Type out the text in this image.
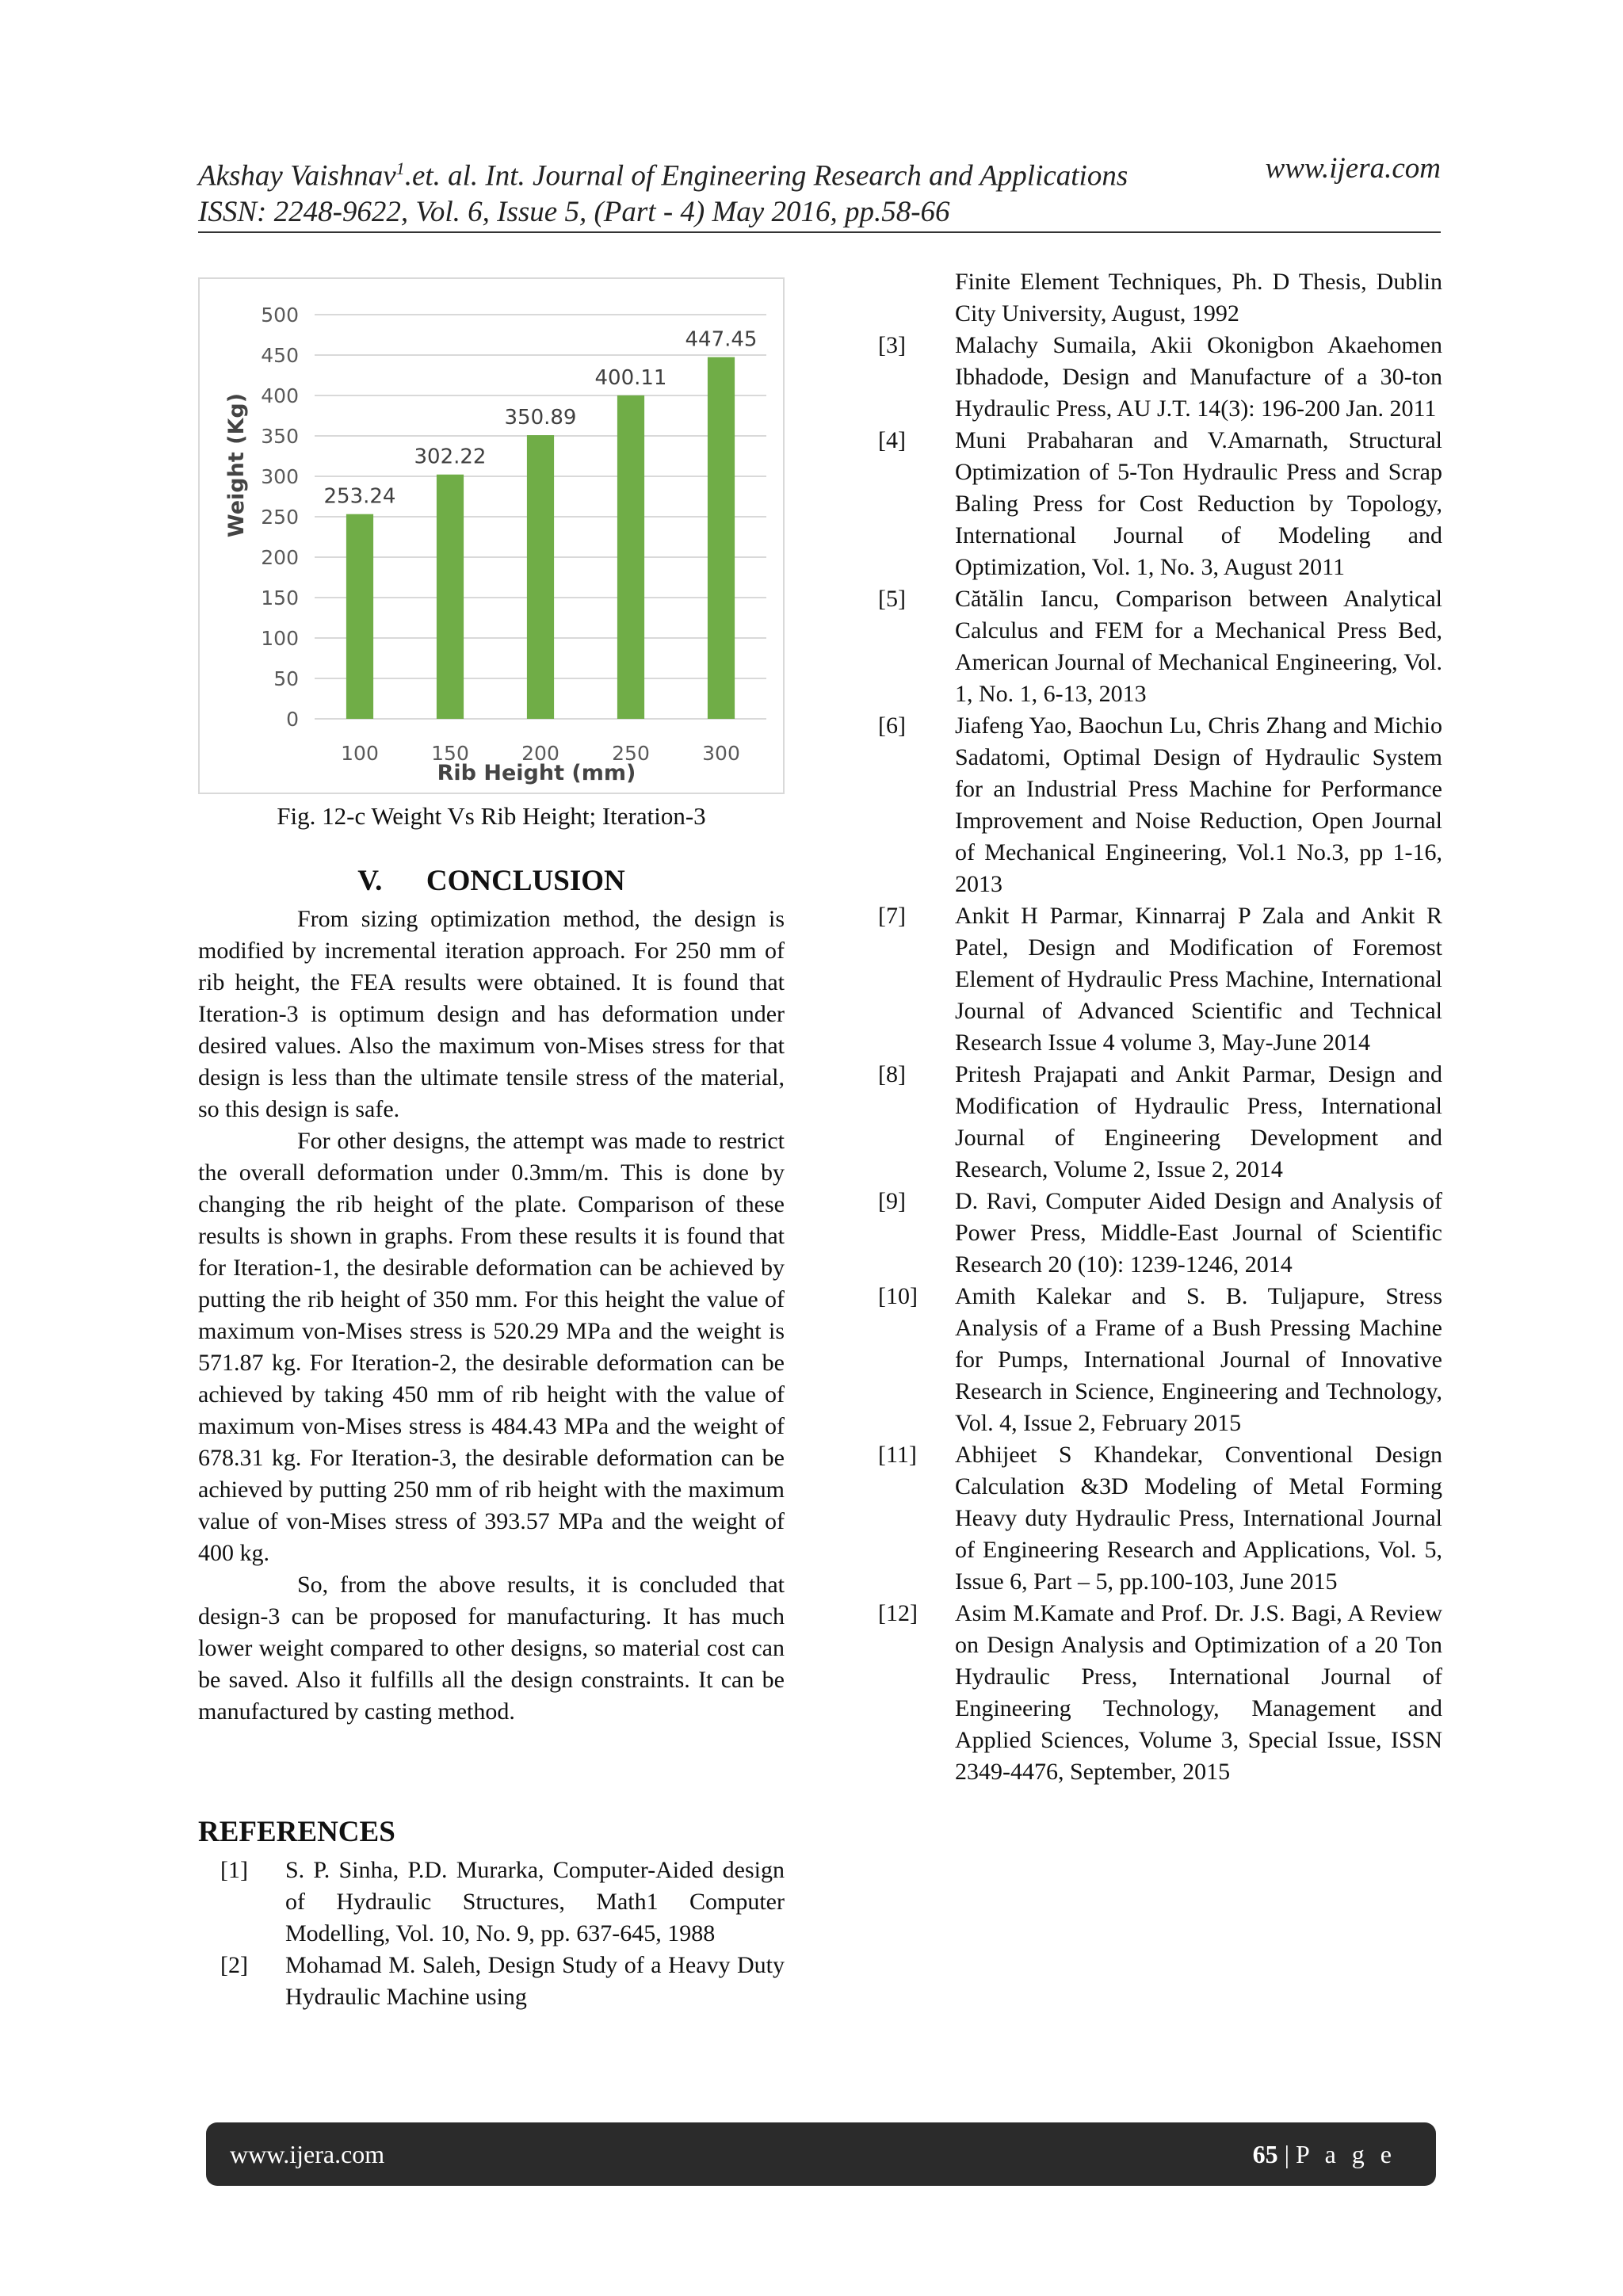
Akshay Vaishnav$^1$.et. al. Int. Journal of Engineering Research and Applications	www.ijera.com
ISSN: 2248-9622, Vol. 6, Issue 5, (Part - 4) May 2016, pp.58-66
0
50
100
150
200
250
300
350
400
450
500
253.24
302.22
350.89
400.11
447.45
100	150	200	250	300
Weight (Kg)
Rib Height (mm)
Fig. 12-c Weight Vs Rib Height; Iteration-3
V.      CONCLUSION

From sizing optimization method, the design is modified by incremental iteration approach. For 250 mm of rib height, the FEA results were obtained. It is found that Iteration-3 is optimum design and has deformation under desired values. Also the maximum von-Mises stress for that design is less than the ultimate tensile stress of the material, so this design is safe.

For other designs, the attempt was made to restrict the overall deformation under 0.3mm/m. This is done by changing the rib height of the plate. Comparison of these results is shown in graphs. From these results it is found that for Iteration-1, the desirable deformation can be achieved by putting the rib height of 350 mm. For this height the value of maximum von-Mises stress is 520.29 MPa and the weight is 571.87 kg. For Iteration-2, the desirable deformation can be achieved by taking 450 mm of rib height with the value of maximum von-Mises stress is 484.43 MPa and the weight of 678.31 kg. For Iteration-3, the desirable deformation can be achieved by putting 250 mm of rib height with the maximum value of von-Mises stress of 393.57 MPa and the weight of 400 kg.

So, from the above results, it is concluded that design-3 can be proposed for manufacturing. It has much lower weight compared to other designs, so material cost can be saved. Also it fulfills all the design constraints. It can be manufactured by casting method.

REFERENCES
[1]	S. P. Sinha, P.D. Murarka, Computer-Aided design of Hydraulic Structures, Math1 Computer Modelling, Vol. 10, No. 9, pp. 637-645, 1988
[2]	Mohamad M. Saleh, Design Study of a Heavy Duty Hydraulic Machine using
Finite Element Techniques, Ph. D Thesis, Dublin City University, August, 1992
[3]	Malachy Sumaila, Akii Okonigbon Akaehomen Ibhadode, Design and Manufacture of a 30-ton Hydraulic Press, AU J.T. 14(3): 196-200 Jan. 2011
[4]	Muni Prabaharan and V.Amarnath, Structural Optimization of 5-Ton Hydraulic Press and Scrap Baling Press for Cost Reduction by Topology, International Journal of Modeling and Optimization, Vol. 1, No. 3, August 2011
[5]	Cătălin Iancu, Comparison between Analytical Calculus and FEM for a Mechanical Press Bed, American Journal of Mechanical Engineering, Vol. 1, No. 1, 6-13, 2013
[6]	Jiafeng Yao, Baochun Lu, Chris Zhang and Michio Sadatomi, Optimal Design of Hydraulic System for an Industrial Press Machine for Performance Improvement and Noise Reduction, Open Journal of Mechanical Engineering, Vol.1 No.3, pp 1-16, 2013
[7]	Ankit H Parmar, Kinnarraj P Zala and Ankit R Patel, Design and Modification of Foremost Element of Hydraulic Press Machine, International Journal of Advanced Scientific and Technical Research Issue 4 volume 3, May-June 2014
[8]	Pritesh Prajapati and Ankit Parmar, Design and Modification of Hydraulic Press, International Journal of Engineering Development and Research, Volume 2, Issue 2, 2014
[9]	D. Ravi, Computer Aided Design and Analysis of Power Press, Middle-East Journal of Scientific Research 20 (10): 1239-1246, 2014
[10]	Amith Kalekar and S. B. Tuljapure, Stress Analysis of a Frame of a Bush Pressing Machine for Pumps, International Journal of Innovative Research in Science, Engineering and Technology, Vol. 4, Issue 2, February 2015
[11]	Abhijeet S Khandekar, Conventional Design Calculation &3D Modeling of Metal Forming Heavy duty Hydraulic Press, International Journal of Engineering Research and Applications, Vol. 5, Issue 6, Part – 5, pp.100-103, June 2015
[12]	Asim M.Kamate and Prof. Dr. J.S. Bagi, A Review on Design Analysis and Optimization of a 20 Ton Hydraulic Press, International Journal of Engineering Technology, Management and Applied Sciences, Volume 3, Special Issue, ISSN 2349-4476, September, 2015
www.ijera.com	65 | P a g e
